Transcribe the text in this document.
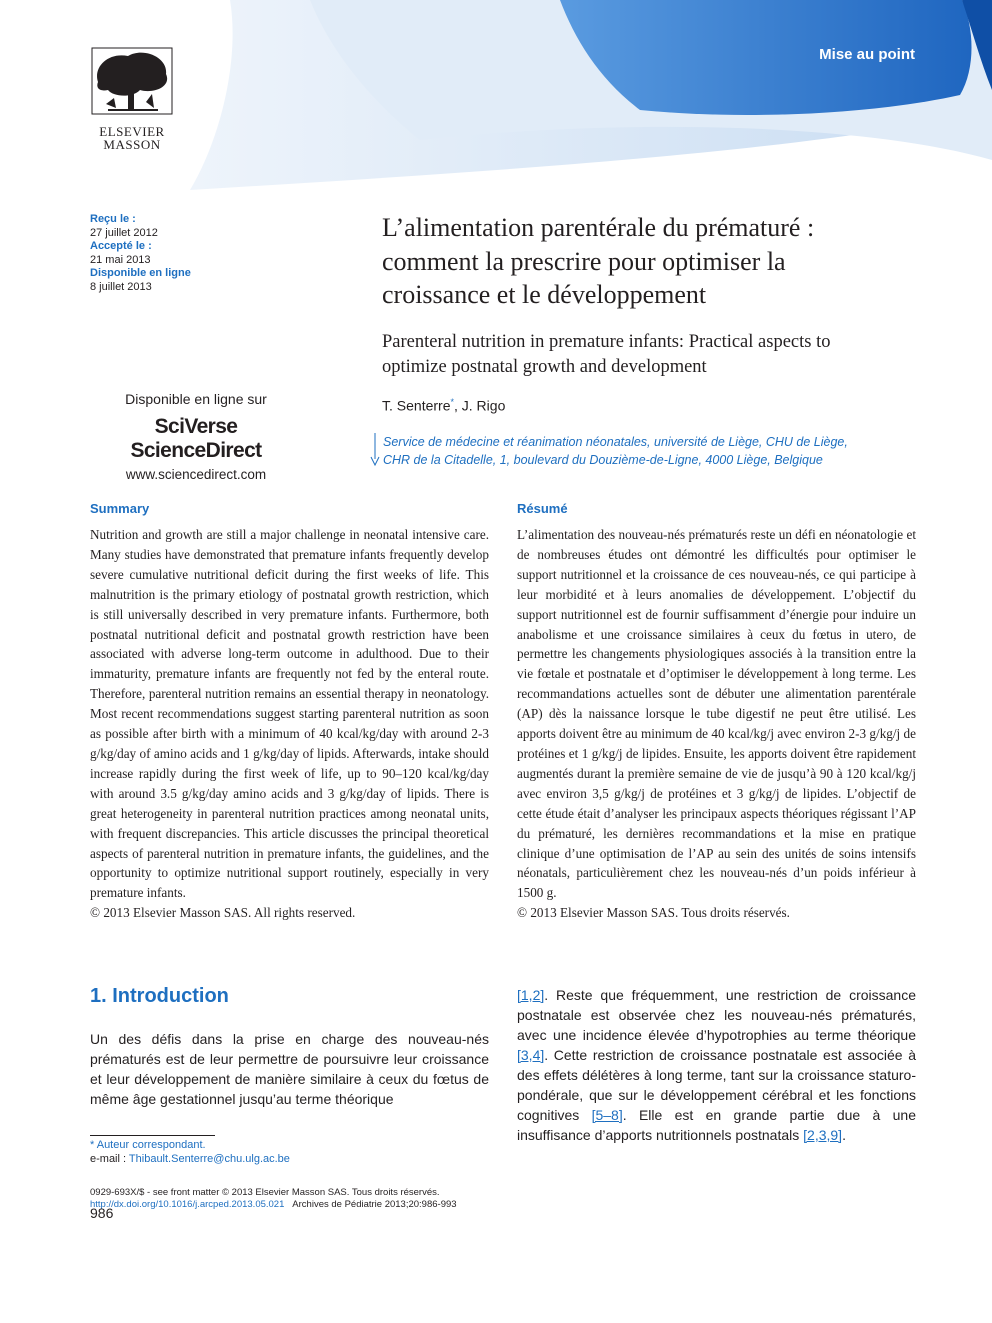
Mise au point
ELSEVIER
MASSON
Reçu le :
27 juillet 2012
Accepté le :
21 mai 2013
Disponible en ligne
8 juillet 2013
Disponible en ligne sur
SciVerse ScienceDirect
www.sciencedirect.com
L’alimentation parentérale du prématuré :
comment la prescrire pour optimiser la
croissance et le développement
Parenteral nutrition in premature infants: Practical aspects to
optimize postnatal growth and development
T. Senterre*, J. Rigo
Service de médecine et réanimation néonatales, université de Liège, CHU de Liège,
CHR de la Citadelle, 1, boulevard du Douzième-de-Ligne, 4000 Liège, Belgique
Summary
Nutrition and growth are still a major challenge in neonatal intensive care. Many studies have demonstrated that premature infants frequently develop severe cumulative nutritional deficit during the first weeks of life. This malnutrition is the primary etiology of postnatal growth restriction, which is still universally described in very premature infants. Furthermore, both postnatal nutritional deficit and postnatal growth restriction have been associated with adverse long-term outcome in adulthood. Due to their immaturity, premature infants are frequently not fed by the enteral route. Therefore, parenteral nutrition remains an essential therapy in neonatology. Most recent recommendations suggest starting parenteral nutrition as soon as possible after birth with a minimum of 40 kcal/kg/day with around 2-3 g/kg/day of amino acids and 1 g/kg/day of lipids. Afterwards, intake should increase rapidly during the first week of life, up to 90–120 kcal/kg/day with around 3.5 g/kg/day amino acids and 3 g/kg/day of lipids. There is great heterogeneity in parenteral nutrition practices among neonatal units, with frequent discrepancies. This article discusses the principal theoretical aspects of parenteral nutrition in premature infants, the guidelines, and the opportunity to optimize nutritional support routinely, especially in very premature infants.
© 2013 Elsevier Masson SAS. All rights reserved.
Résumé
L’alimentation des nouveau-nés prématurés reste un défi en néonatologie et de nombreuses études ont démontré les difficultés pour optimiser le support nutritionnel et la croissance de ces nouveau-nés, ce qui participe à leur morbidité et à leurs anomalies de développement. L’objectif du support nutritionnel est de fournir suffisamment d’énergie pour induire un anabolisme et une croissance similaires à ceux du fœtus in utero, de permettre les changements physiologiques associés à la transition entre la vie fœtale et postnatale et d’optimiser le développement à long terme. Les recommandations actuelles sont de débuter une alimentation parentérale (AP) dès la naissance lorsque le tube digestif ne peut être utilisé. Les apports doivent être au minimum de 40 kcal/kg/j avec environ 2-3 g/kg/j de protéines et 1 g/kg/j de lipides. Ensuite, les apports doivent être rapidement augmentés durant la première semaine de vie de jusqu’à 90 à 120 kcal/kg/j avec environ 3,5 g/kg/j de protéines et 3 g/kg/j de lipides. L’objectif de cette étude était d’analyser les principaux aspects théoriques régissant l’AP du prématuré, les dernières recommandations et la mise en pratique clinique d’une optimisation de l’AP au sein des unités de soins intensifs néonatals, particulièrement chez les nouveau-nés d’un poids inférieur à 1500 g.
© 2013 Elsevier Masson SAS. Tous droits réservés.
1. Introduction
Un des défis dans la prise en charge des nouveau-nés prématurés est de leur permettre de poursuivre leur croissance et leur développement de manière similaire à ceux du fœtus de même âge gestationnel jusqu’au terme théorique
[1,2]. Reste que fréquemment, une restriction de croissance postnatale est observée chez les nouveau-nés prématurés, avec une incidence élevée d’hypotrophies au terme théorique [3,4]. Cette restriction de croissance postnatale est associée à des effets délétères à long terme, tant sur la croissance staturo-pondérale, que sur le développement cérébral et les fonctions cognitives [5–8]. Elle est en grande partie due à une insuffisance d’apports nutritionnels postnatals [2,3,9].
* Auteur correspondant.
e-mail : Thibault.Senterre@chu.ulg.ac.be
0929-693X/$ - see front matter © 2013 Elsevier Masson SAS. Tous droits réservés.
http://dx.doi.org/10.1016/j.arcped.2013.05.021 Archives de Pédiatrie 2013;20:986-993
986
